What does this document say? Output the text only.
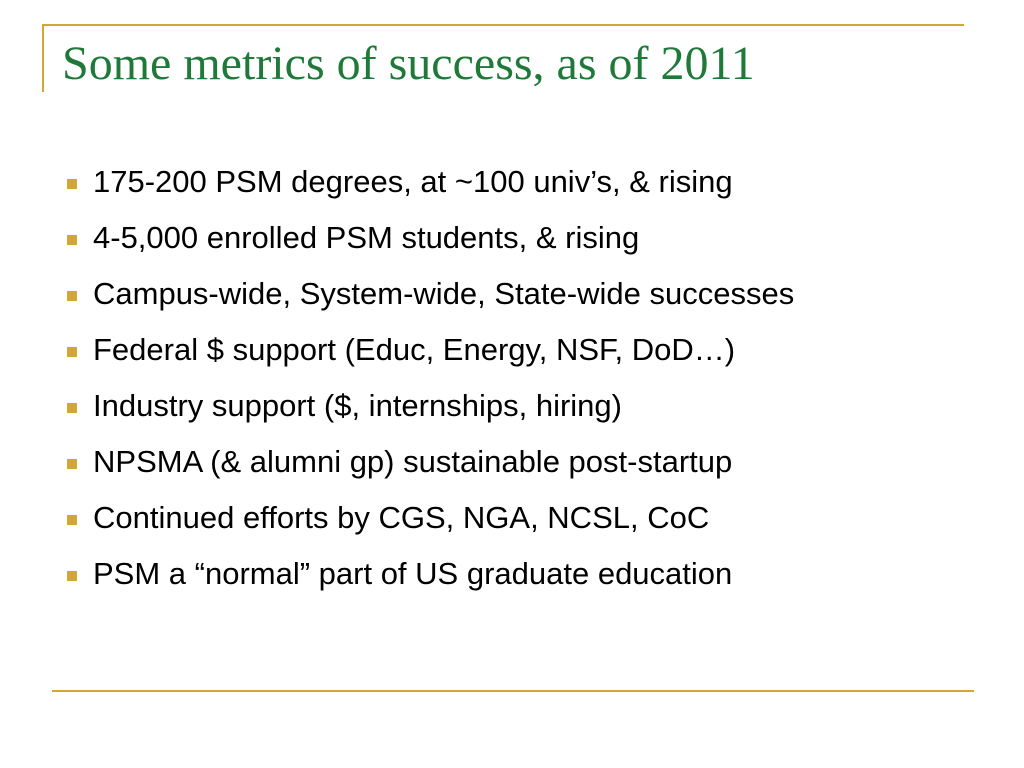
Some metrics of success, as of 2011
175-200 PSM degrees, at ~100 univ’s, & rising
4-5,000 enrolled PSM students, & rising
Campus-wide, System-wide, State-wide successes
Federal $ support (Educ, Energy, NSF, DoD…)
Industry support ($, internships, hiring)
NPSMA (& alumni gp) sustainable post-startup
Continued efforts by CGS, NGA, NCSL, CoC
PSM a “normal” part of US graduate education
